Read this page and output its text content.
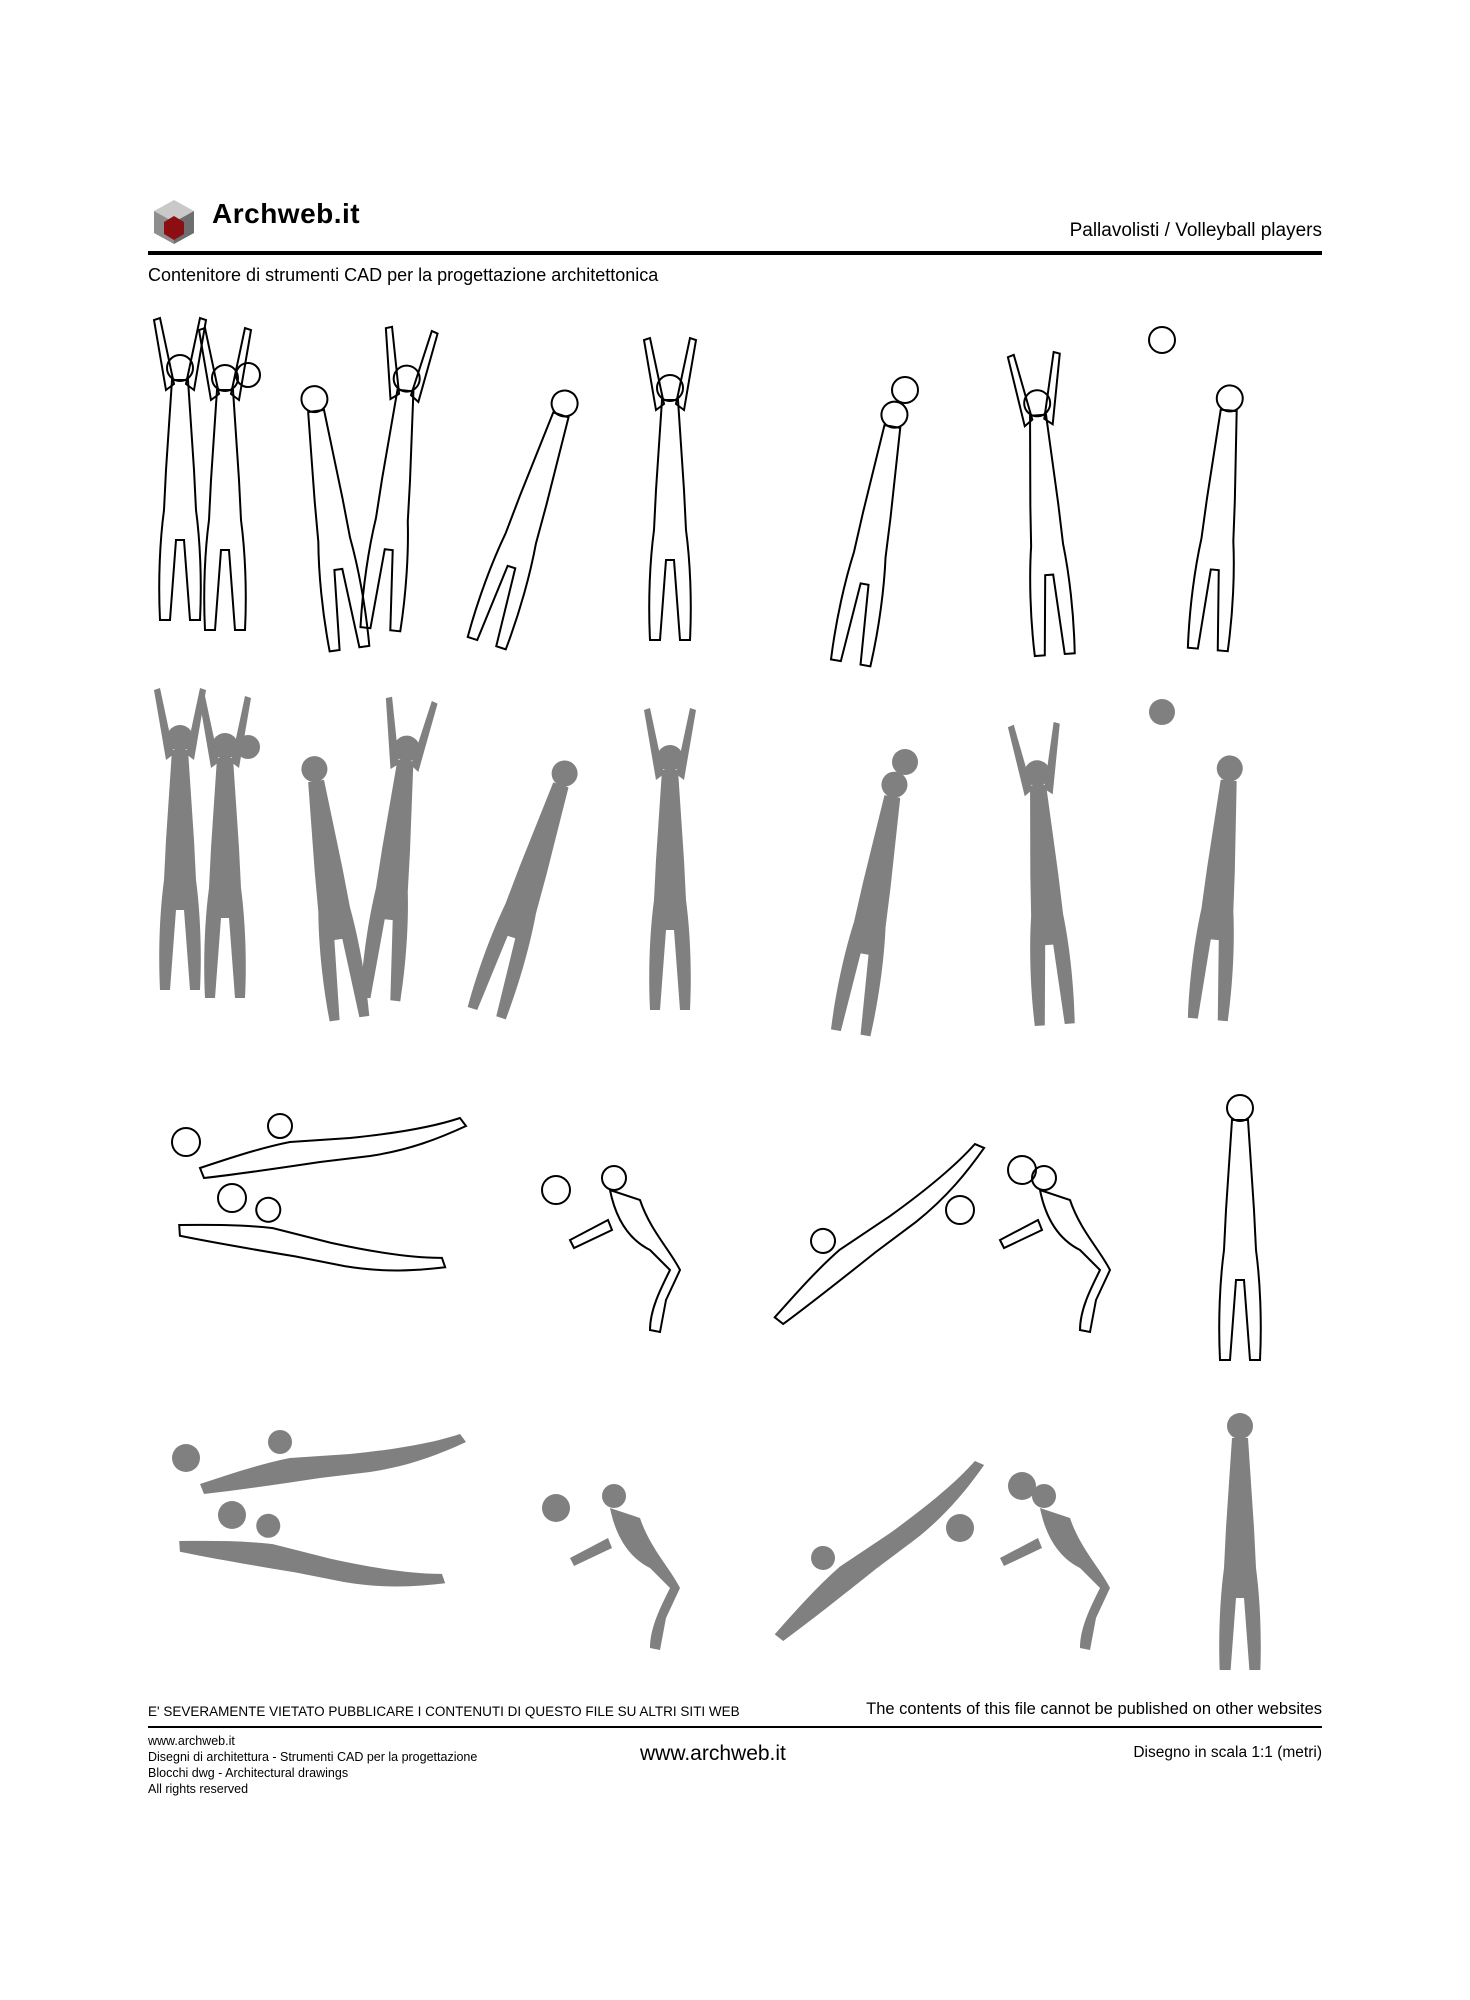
Archweb.it
Pallavolisti / Volleyball players
Contenitore di strumenti CAD per la progettazione architettonica
E' SEVERAMENTE VIETATO PUBBLICARE I CONTENUTI DI QUESTO FILE SU ALTRI SITI WEB	The contents of this file cannot be published on other websites
www.archweb.it
Disegni di architettura - Strumenti CAD per la progettazione
Blocchi dwg - Architectural drawings
All rights reserved
www.archweb.it	Disegno in scala 1:1 (metri)
